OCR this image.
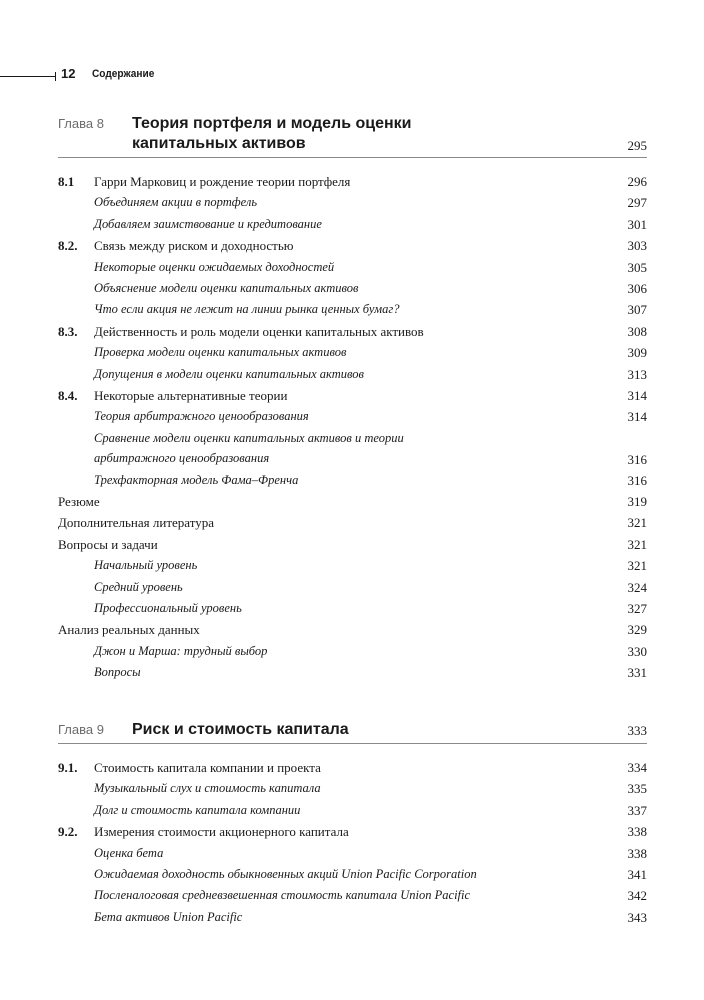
12 Содержание
Глава 8 Теория портфеля и модель оценки
капитальных активов	295
8.1 Гарри Марковиц и рождение теории портфеля	296
Объединяем акции в портфель	297
Добавляем заимствование и кредитование	301
8.2. Связь между риском и доходностью	303
Некоторые оценки ожидаемых доходностей	305
Объяснение модели оценки капитальных активов	306
Что если акция не лежит на линии рынка ценных бумаг?	307
8.3. Действенность и роль модели оценки капитальных активов	308
Проверка модели оценки капитальных активов	309
Допущения в модели оценки капитальных активов	313
8.4. Некоторые альтернативные теории	314
Теория арбитражного ценообразования	314
Сравнение модели оценки капитальных активов и теории
арбитражного ценообразования	316
Трехфакторная модель Фама–Френча	316
Резюме	319
Дополнительная литература	321
Вопросы и задачи	321
Начальный уровень	321
Средний уровень	324
Профессиональный уровень	327
Анализ реальных данных	329
Джон и Марша: трудный выбор	330
Вопросы	331
Глава 9 Риск и стоимость капитала	333
9.1. Стоимость капитала компании и проекта	334
Музыкальный слух и стоимость капитала	335
Долг и стоимость капитала компании	337
9.2. Измерения стоимости акционерного капитала	338
Оценка бета	338
Ожидаемая доходность обыкновенных акций Union Pacific Corporation	341
Посленалоговая средневзвешенная стоимость капитала Union Pacific	342
Бета активов Union Pacific	343
